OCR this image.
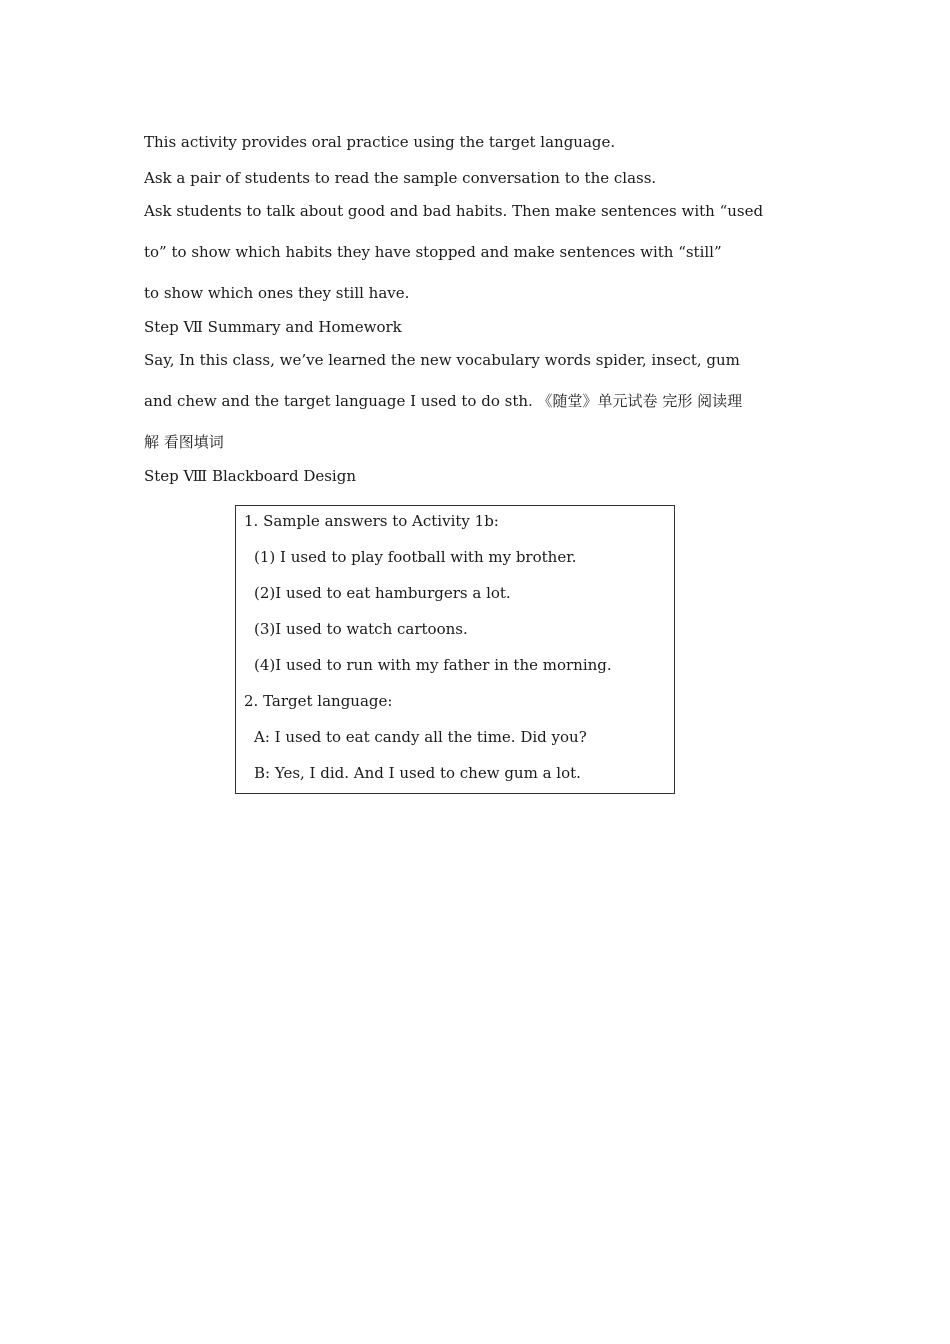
This activity provides oral practice using the target language.

Ask a pair of students to read the sample conversation to the class.

Ask students to talk about good and bad habits. Then make sentences with “used
to” to show which habits they have stopped and make sentences with “still”
to show which ones they still have.

Step Ⅶ Summary and Homework

Say, In this class, we’ve learned the new vocabulary words spider, insect, gum
and chew and the target language I used to do sth. 《随堂》单元试卷 完形 阅读理
解 看图填词

Step Ⅷ Blackboard Design

1. Sample answers to Activity 1b:

(1) I used to play football with my brother.

(2)I used to eat hamburgers a lot.

(3)I used to watch cartoons.

(4)I used to run with my father in the morning.

2. Target language:

A: I used to eat candy all the time. Did you?

B: Yes, I did. And I used to chew gum a lot.
